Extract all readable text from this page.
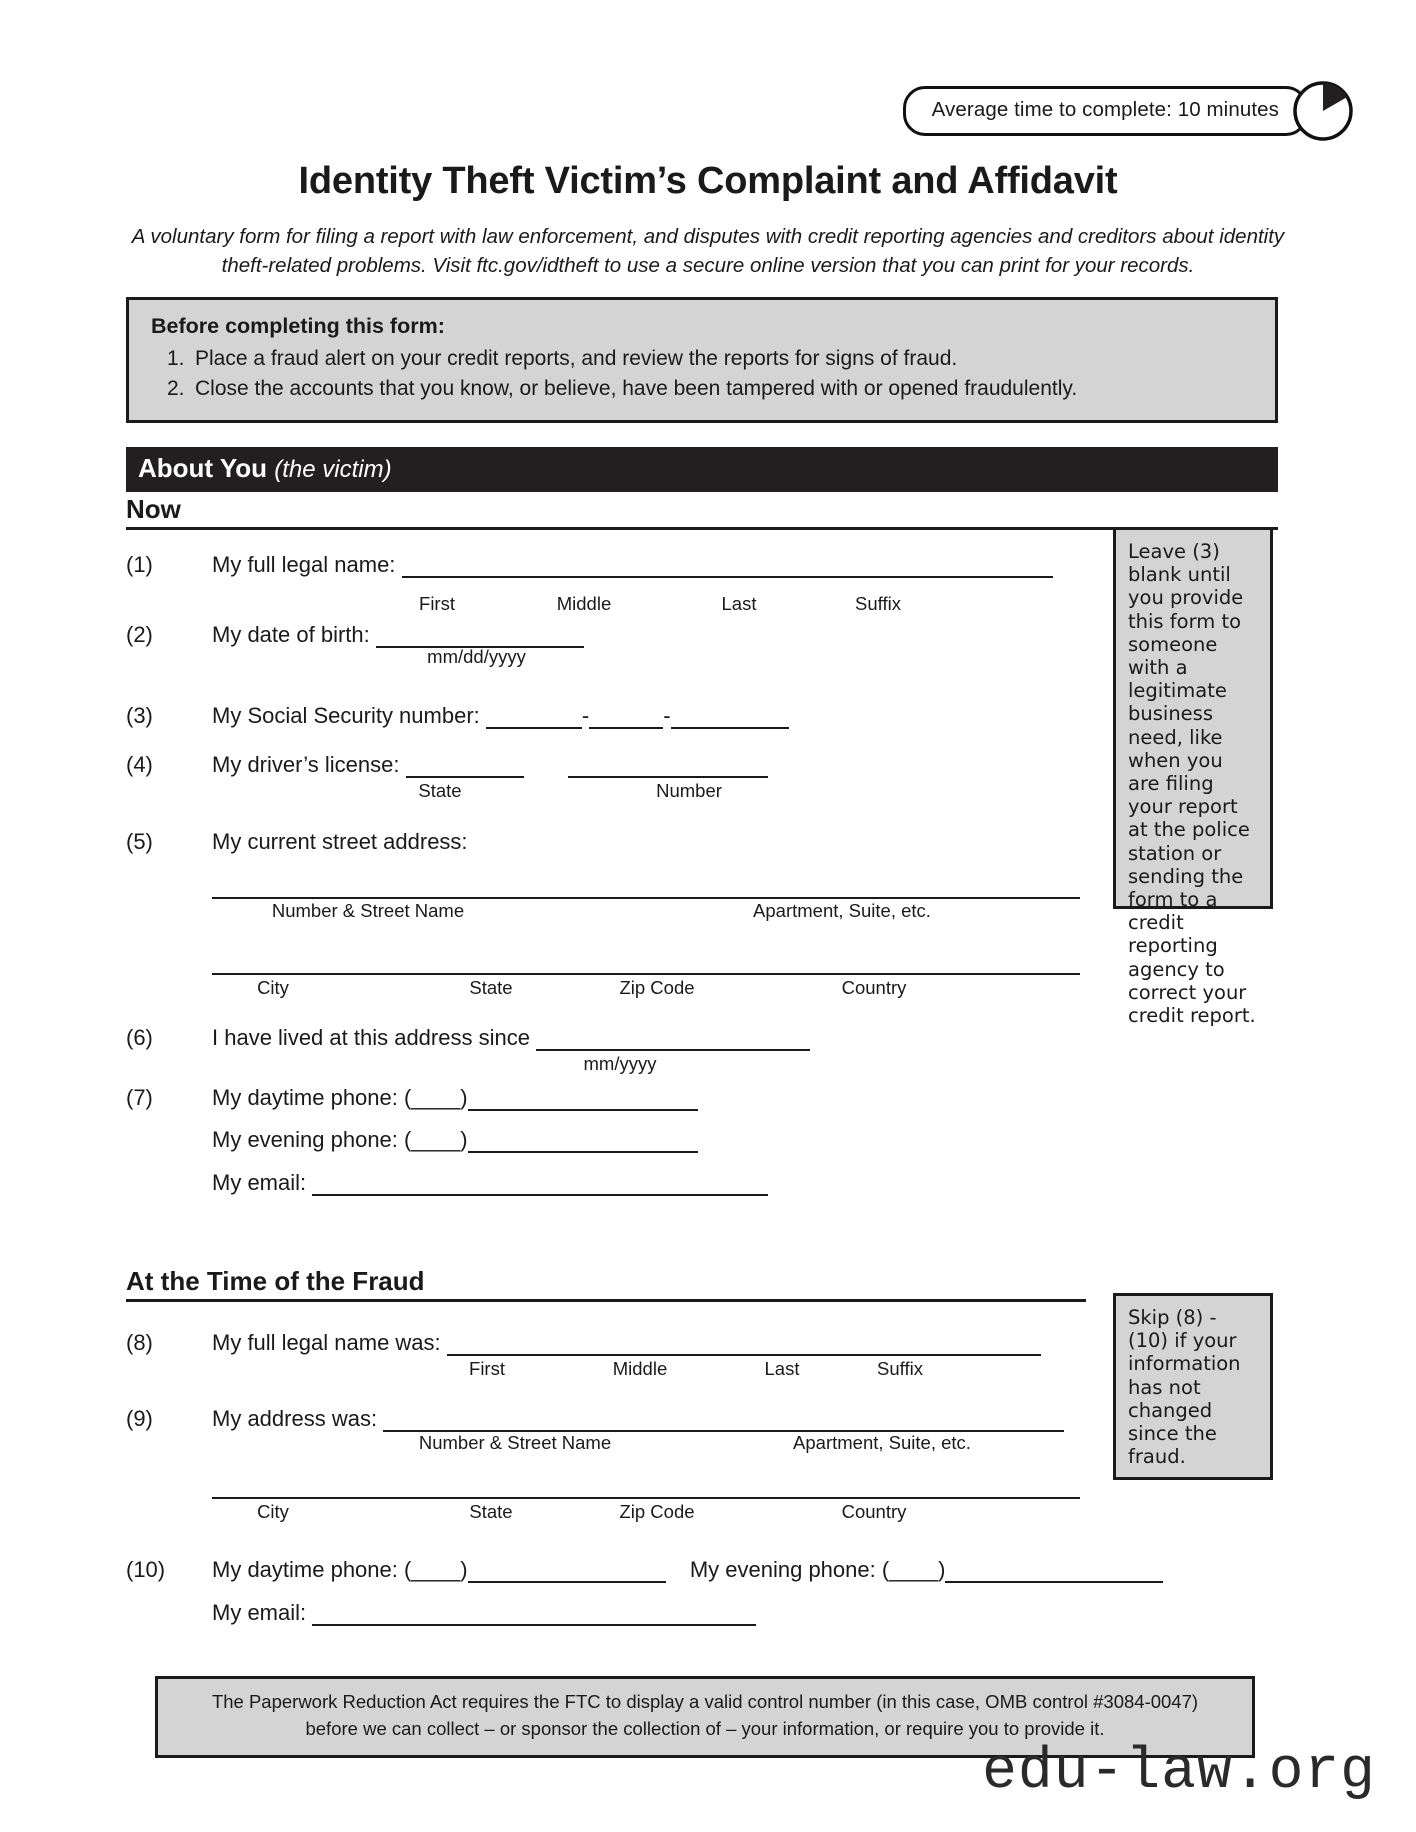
Average time to complete: 10 minutes
Identity Theft Victim’s Complaint and Affidavit
A voluntary form for filing a report with law enforcement, and disputes with credit reporting agencies and creditors about identity theft-related problems. Visit ftc.gov/idtheft to use a secure online version that you can print for your records.
Before completing this form:
1. Place a fraud alert on your credit reports, and review the reports for signs of fraud.
2. Close the accounts that you know, or believe, have been tampered with or opened fraudulently.
About You (the victim)
Now
(1)	My full legal name:
First	Middle	Last	Suffix
(2)	My date of birth:
mm/dd/yyyy
(3)	My Social Security number:	-	-
(4)	My driver’s license:
State	Number
(5)	My current street address:
Number & Street Name	Apartment, Suite, etc.
City	State	Zip Code	Country
(6)	I have lived at this address since
mm/yyyy
(7)	My daytime phone: (____)
My evening phone: (____)
My email:
Leave (3) blank until you provide this form to someone with a legitimate business need, like when you are filing your report at the police station or sending the form to a credit reporting agency to correct your credit report.
At the Time of the Fraud
(8)	My full legal name was:
First	Middle	Last	Suffix
(9)	My address was:
Number & Street Name	Apartment, Suite, etc.
City	State	Zip Code	Country
(10)	My daytime phone: (____)	My evening phone: (____)
My email:
Skip (8) - (10) if your information has not changed since the fraud.
The Paperwork Reduction Act requires the FTC to display a valid control number (in this case, OMB control #3084-0047)
before we can collect – or sponsor the collection of – your information, or require you to provide it.
edu-law.org
